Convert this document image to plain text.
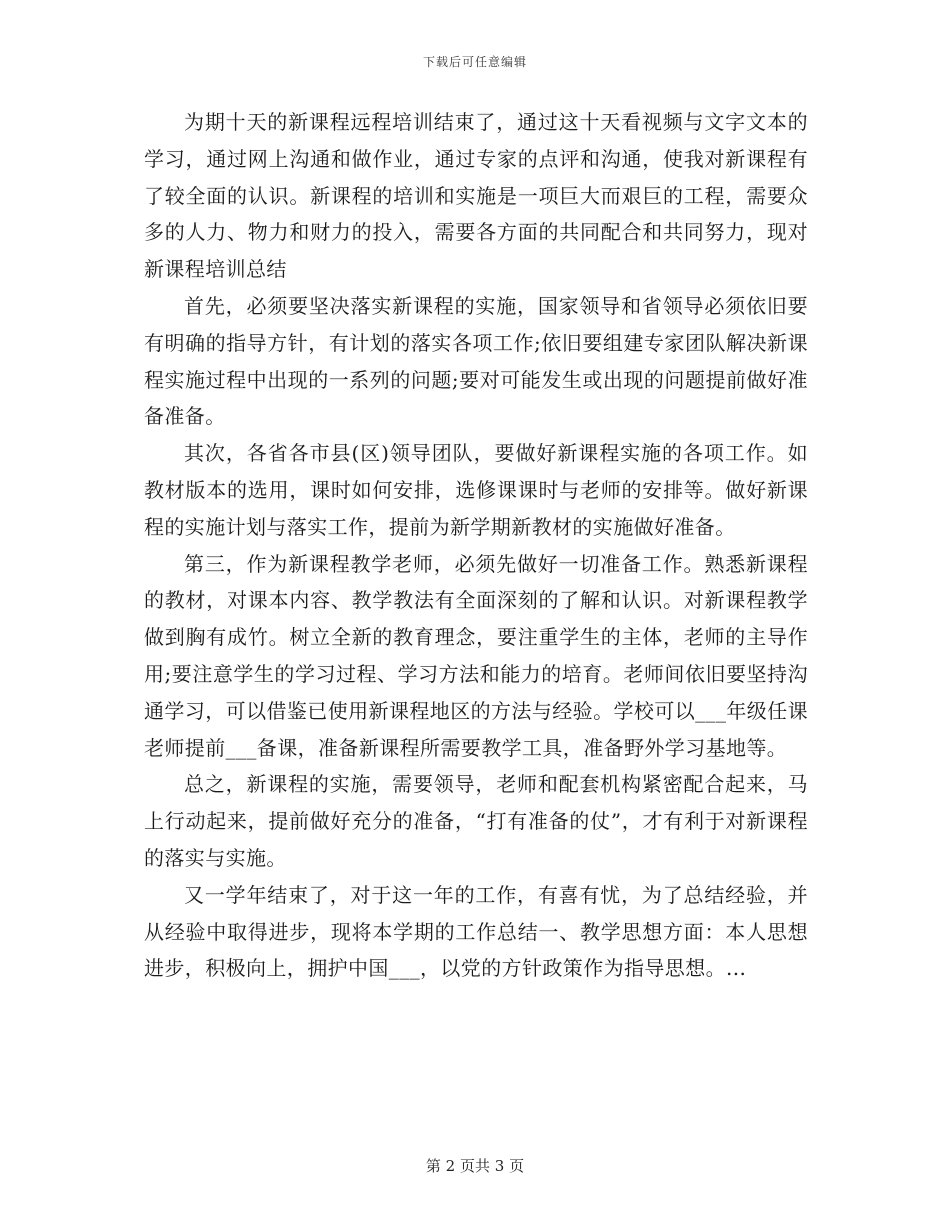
下载后可任意编辑

为期十天的新课程远程培训结束了，通过这十天看视频与文字文本的学习，通过网上沟通和做作业，通过专家的点评和沟通，使我对新课程有了较全面的认识。新课程的培训和实施是一项巨大而艰巨的工程，需要众多的人力、物力和财力的投入，需要各方面的共同配合和共同努力，现对新课程培训总结

首先，必须要坚决落实新课程的实施，国家领导和省领导必须依旧要有明确的指导方针，有计划的落实各项工作;依旧要组建专家团队解决新课程实施过程中出现的一系列的问题;要对可能发生或出现的问题提前做好准备准备。

其次，各省各市县(区)领导团队，要做好新课程实施的各项工作。如教材版本的选用，课时如何安排，选修课课时与老师的安排等。做好新课程的实施计划与落实工作，提前为新学期新教材的实施做好准备。

第三，作为新课程教学老师，必须先做好一切准备工作。熟悉新课程的教材，对课本内容、教学教法有全面深刻的了解和认识。对新课程教学做到胸有成竹。树立全新的教育理念，要注重学生的主体，老师的主导作用;要注意学生的学习过程、学习方法和能力的培育。老师间依旧要坚持沟通学习，可以借鉴已使用新课程地区的方法与经验。学校可以___年级任课老师提前___备课，准备新课程所需要教学工具，准备野外学习基地等。

总之，新课程的实施，需要领导，老师和配套机构紧密配合起来，马上行动起来，提前做好充分的准备，“打有准备的仗”，才有利于对新课程的落实与实施。

又一学年结束了，对于这一年的工作，有喜有忧，为了总结经验，并从经验中取得进步，现将本学期的工作总结一、教学思想方面：本人思想进步，积极向上，拥护中国___，以党的方针政策作为指导思想。...

第 2 页共 3 页
